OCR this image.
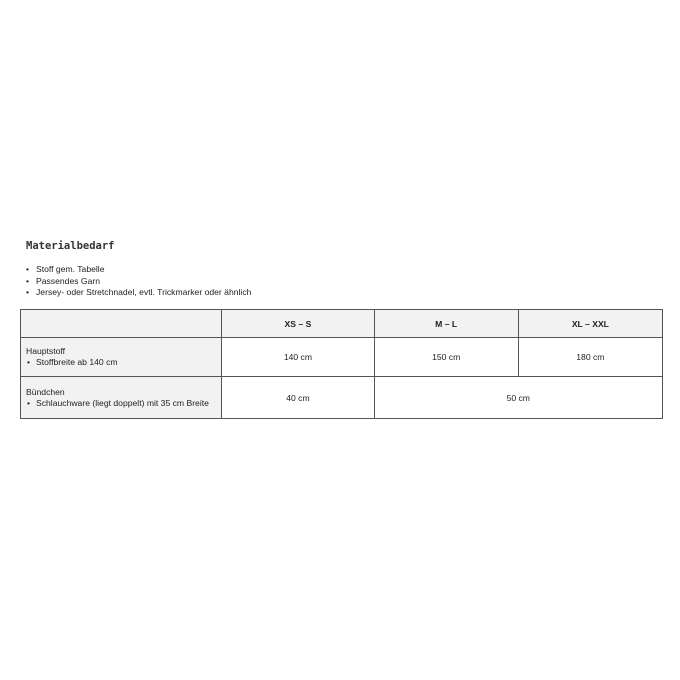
Materialbedarf
• Stoff gem. Tabelle
• Passendes Garn
• Jersey- oder Stretchnadel, evtl. Trickmarker oder ähnlich
	XS – S	M – L	XL – XXL

Hauptstoff
• Stoffbreite ab 140 cm	140 cm	150 cm	180 cm

Bündchen
• Schlauchware (liegt doppelt) mit 35 cm Breite	40 cm	50 cm	
